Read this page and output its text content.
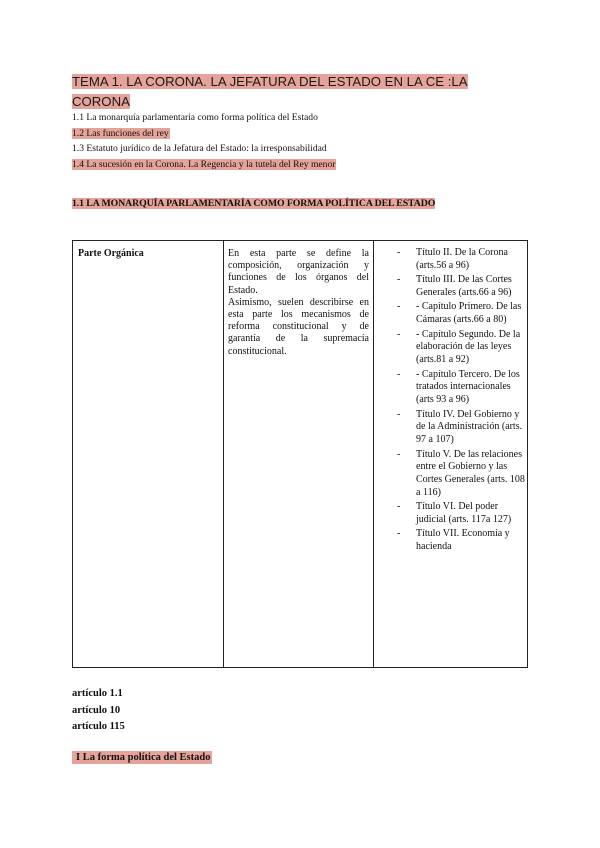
TEMA 1. LA CORONA. LA JEFATURA DEL ESTADO EN LA CE :LA
CORONA
1.1 La monarquía parlamentaria como forma política del Estado
1.2 Las funciones del rey
1.3 Estatuto jurídico de la Jefatura del Estado: la irresponsabilidad
1.4 La sucesión en la Corona. La Regencia y la tutela del Rey menor
1.1 LA MONARQUÍA PARLAMENTARÍA COMO FORMA POLÍTICA DEL ESTADO
Parte Orgánica	En esta parte se define la composición, organización y funciones de los órganos del Estado.

Asimismo, suelen describirse en esta parte los mecanismos de reforma constitucional y de garantía de la supremacía constitucional.

- Título II. De la Corona (arts.56 a 96)
- Título III. De las Cortes Generales (arts.66 a 96)
- - Capítulo Primero. De las Cámaras (arts.66 a 80)
- - Capítulo Segundo. De la elaboración de las leyes (arts.81 a 92)
- - Capítulo Tercero. De los tratados internacionales (arts 93 a 96)
- Título IV. Del Gobierno y de la Administración (arts. 97 a 107)
- Título V. De las relaciones entre el Gobierno y las Cortes Generales (arts. 108 a 116)
- Título VI. Del poder judicial (arts. 117a 127)
- Título VII. Economía y hacienda
artículo 1.1
artículo 10
artículo 115
I La forma política del Estado
